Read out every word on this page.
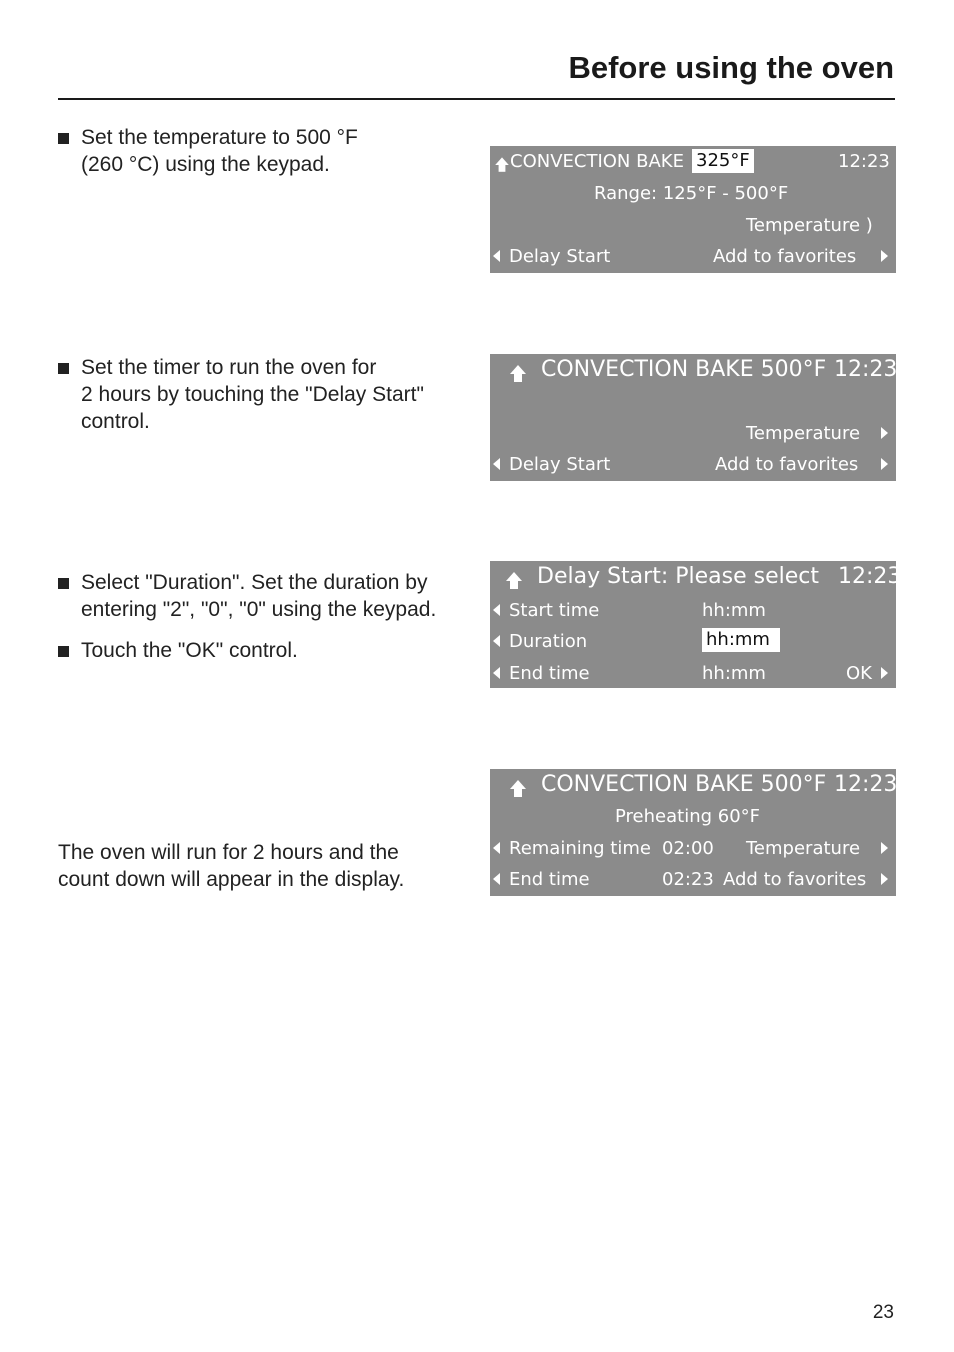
Before using the oven
Set the temperature to 500 °F
(260 °C) using the keypad.	CONVECTION BAKE 325°F	12:23
Range: 125°F - 500°F
Temperature )
Delay Start	Add to favorites
Set the timer to run the oven for
2 hours by touching the "Delay Start"
control.
CONVECTION BAKE 500°F 12:23
Temperature
Delay Start	Add to favorites
Select "Duration". Set the duration by
entering "2", "0", "0" using the keypad.
Touch the "OK" control.
Delay Start: Please select 12:23
Start time	hh:mm
Duration	hh:mm
End time	hh:mm	OK
The oven will run for 2 hours and the
count down will appear in the display.
CONVECTION BAKE 500°F 12:23
Preheating 60°F
Remaining time 02:00 Temperature
End time	02:23 Add to favorites
23
